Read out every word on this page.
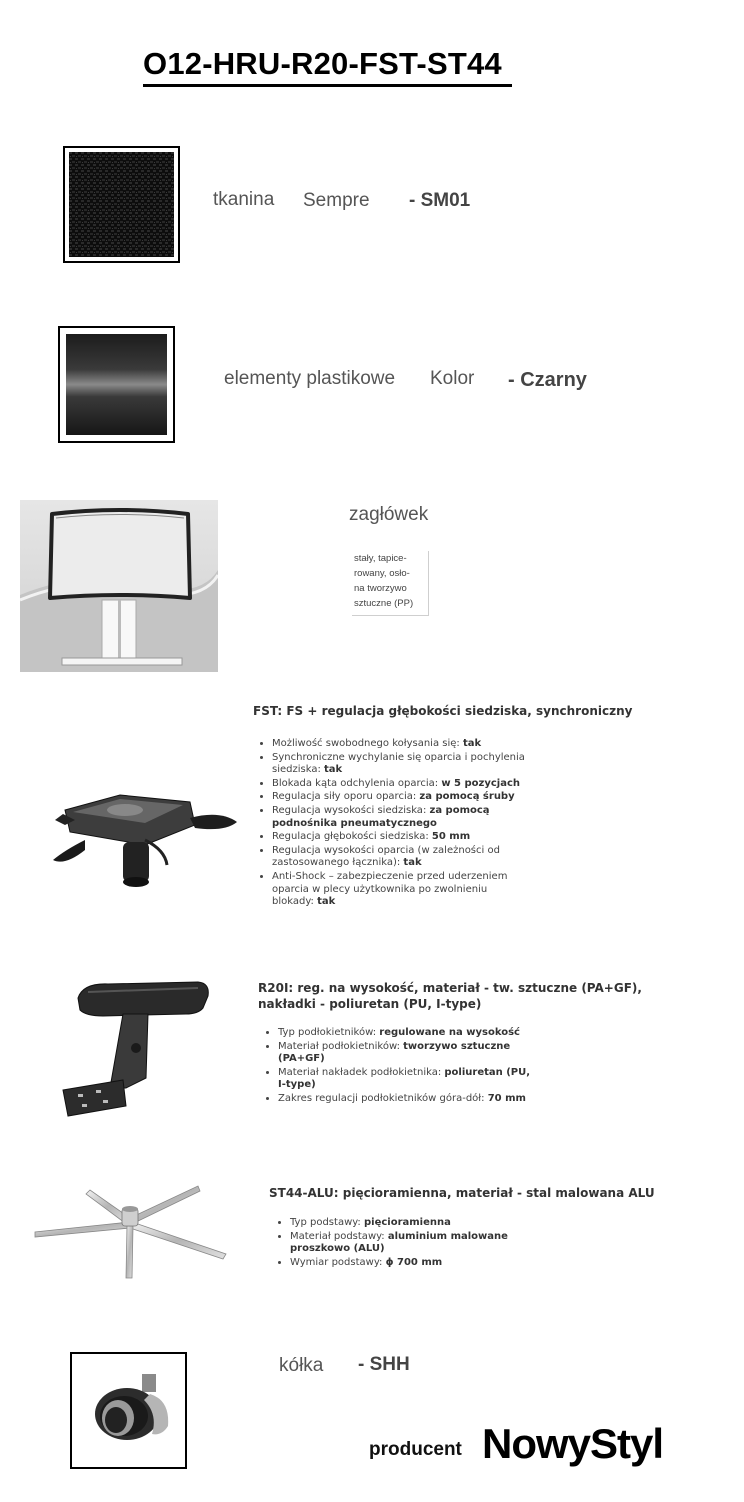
O12-HRU-R20-FST-ST44
tkanina Sempre - SM01
elementy plastikowe Kolor - Czarny
zagłówek
stały, tapice-
rowany, osło-
na tworzywo
sztuczne (PP)
FST: FS + regulacja głębokości siedziska, synchroniczny
• Możliwość swobodnego kołysania się: tak
• Synchroniczne wychylanie się oparcia i pochylenia siedziska: tak
• Blokada kąta odchylenia oparcia: w 5 pozycjach
• Regulacja siły oporu oparcia: za pomocą śruby
• Regulacja wysokości siedziska: za pomocą podnośnika pneumatycznego
• Regulacja głębokości siedziska: 50 mm
• Regulacja wysokości oparcia (w zależności od zastosowanego łącznika): tak
• Anti-Shock – zabezpieczenie przed uderzeniem oparcia w plecy użytkownika po zwolnieniu blokady: tak
R20I: reg. na wysokość, materiał - tw. sztuczne (PA+GF), nakładki - poliuretan (PU, I-type)
• Typ podłokietników: regulowane na wysokość
• Materiał podłokietników: tworzywo sztuczne (PA+GF)
• Materiał nakładek podłokietnika: poliuretan (PU, I-type)
• Zakres regulacji podłokietników góra-dół: 70 mm
ST44-ALU: pięcioramienna, materiał - stal malowana ALU
• Typ podstawy: pięcioramienna
• Materiał podstawy: aluminium malowane proszkowo (ALU)
• Wymiar podstawy: ϕ 700 mm
kółka - SHH
producent NowyStyl
